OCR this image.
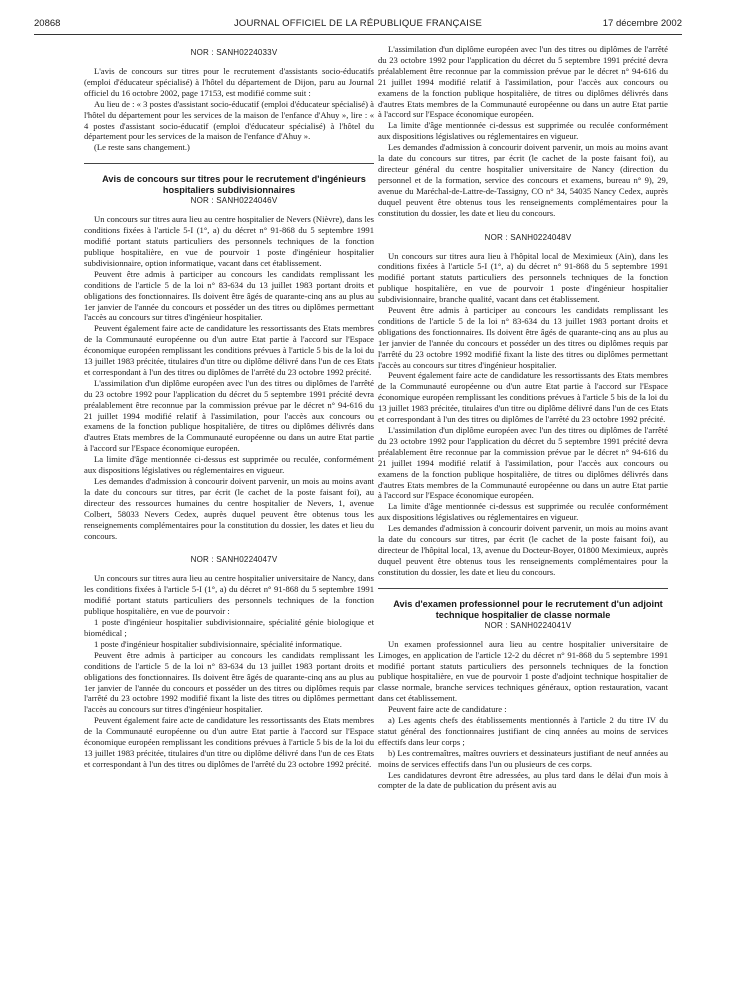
20868	JOURNAL OFFICIEL DE LA RÉPUBLIQUE FRANÇAISE	17 décembre 2002

NOR : SANH0224033V

L'avis de concours sur titres pour le recrutement d'assistants socio-éducatifs (emploi d'éducateur spécialisé) à l'hôtel du département de Dijon, paru au Journal officiel du 16 octobre 2002, page 17153, est modifié comme suit :

Au lieu de : « 3 postes d'assistant socio-éducatif (emploi d'éducateur spécialisé) à l'hôtel du département pour les services de la maison de l'enfance d'Ahuy », lire : « 4 postes d'assistant socio-éducatif (emploi d'éducateur spécialisé) à l'hôtel du département pour les services de la maison de l'enfance d'Ahuy ».

(Le reste sans changement.)

Avis de concours sur titres pour le recrutement d'ingénieurs hospitaliers subdivisionnaires

NOR : SANH0224046V

Un concours sur titres aura lieu au centre hospitalier de Nevers (Nièvre), dans les conditions fixées à l'article 5-I (1°, a) du décret n° 91-868 du 5 septembre 1991 modifié portant statuts particuliers des personnels techniques de la fonction publique hospitalière, en vue de pourvoir 1 poste d'ingénieur hospitalier subdivisionnaire, option informatique, vacant dans cet établissement.

Peuvent être admis à participer au concours les candidats remplissant les conditions de l'article 5 de la loi n° 83-634 du 13 juillet 1983 portant droits et obligations des fonctionnaires. Ils doivent être âgés de quarante-cinq ans au plus au 1er janvier de l'année du concours et posséder un des titres ou diplômes permettant l'accès au concours sur titres d'ingénieur hospitalier.

Peuvent également faire acte de candidature les ressortissants des Etats membres de la Communauté européenne ou d'un autre Etat partie à l'accord sur l'Espace économique européen remplissant les conditions prévues à l'article 5 bis de la loi du 13 juillet 1983 précitée, titulaires d'un titre ou diplôme délivré dans l'un de ces Etats et correspondant à l'un des titres ou diplômes de l'arrêté du 23 octobre 1992 précité.

L'assimilation d'un diplôme européen avec l'un des titres ou diplômes de l'arrêté du 23 octobre 1992 pour l'application du décret du 5 septembre 1991 précité devra préalablement être reconnue par la commission prévue par le décret n° 94-616 du 21 juillet 1994 modifié relatif à l'assimilation, pour l'accès aux concours ou examens de la fonction publique hospitalière, de titres ou diplômes délivrés dans d'autres Etats membres de la Communauté européenne ou dans un autre Etat partie à l'accord sur l'Espace économique européen.

La limite d'âge mentionnée ci-dessus est supprimée ou reculée, conformément aux dispositions législatives ou réglementaires en vigueur.

Les demandes d'admission à concourir doivent parvenir, un mois au moins avant la date du concours sur titres, par écrit (le cachet de la poste faisant foi), au directeur des ressources humaines du centre hospitalier de Nevers, 1, avenue Colbert, 58033 Nevers Cedex, auprès duquel peuvent être obtenus tous les renseignements complémentaires pour la constitution du dossier, les dates et lieu du concours.

NOR : SANH0224047V

Un concours sur titres aura lieu au centre hospitalier universitaire de Nancy, dans les conditions fixées à l'article 5-I (1°, a) du décret n° 91-868 du 5 septembre 1991 modifié portant statuts particuliers des personnels techniques de la fonction publique hospitalière, en vue de pourvoir :

1 poste d'ingénieur hospitalier subdivisionnaire, spécialité génie biologique et biomédical ;

1 poste d'ingénieur hospitalier subdivisionnaire, spécialité informatique.

Peuvent être admis à participer au concours les candidats remplissant les conditions de l'article 5 de la loi n° 83-634 du 13 juillet 1983 portant droits et obligations des fonctionnaires. Ils doivent être âgés de quarante-cinq ans au plus au 1er janvier de l'année du concours et posséder un des titres ou diplômes requis par l'arrêté du 23 octobre 1992 modifié fixant la liste des titres ou diplômes permettant l'accès au concours sur titres d'ingénieur hospitalier.

Peuvent également faire acte de candidature les ressortissants des Etats membres de la Communauté européenne ou d'un autre Etat partie à l'accord sur l'Espace économique européen remplissant les conditions prévues à l'article 5 bis de la loi du 13 juillet 1983 précitée, titulaires d'un titre ou diplôme délivré dans l'un de ces Etats et correspondant à l'un des titres ou diplômes de l'arrêté du 23 octobre 1992 précité.

L'assimilation d'un diplôme européen avec l'un des titres ou diplômes de l'arrêté du 23 octobre 1992 pour l'application du décret du 5 septembre 1991 précité devra préalablement être reconnue par la commission prévue par le décret n° 94-616 du 21 juillet 1994 modifié relatif à l'assimilation, pour l'accès aux concours ou examens de la fonction publique hospitalière, de titres ou diplômes délivrés dans d'autres Etats membres de la Communauté européenne ou dans un autre Etat partie à l'accord sur l'Espace économique européen.

La limite d'âge mentionnée ci-dessus est supprimée ou reculée conformément aux dispositions législatives ou réglementaires en vigueur.

Les demandes d'admission à concourir doivent parvenir, un mois au moins avant la date du concours sur titres, par écrit (le cachet de la poste faisant foi), au directeur général du centre hospitalier universitaire de Nancy (direction du personnel et de la formation, service des concours et examens, bureau n° 9), 29, avenue du Maréchal-de-Lattre-de-Tassigny, CO n° 34, 54035 Nancy Cedex, auprès duquel peuvent être obtenus tous les renseignements complémentaires pour la constitution du dossier, les date et lieu du concours.

NOR : SANH0224048V

Un concours sur titres aura lieu à l'hôpital local de Meximieux (Ain), dans les conditions fixées à l'article 5-I (1°, a) du décret n° 91-868 du 5 septembre 1991 modifié portant statuts particuliers des personnels techniques de la fonction publique hospitalière, en vue de pourvoir 1 poste d'ingénieur hospitalier subdivisionnaire, branche qualité, vacant dans cet établissement.

Peuvent être admis à participer au concours les candidats remplissant les conditions de l'article 5 de la loi n° 83-634 du 13 juillet 1983 portant droits et obligations des fonctionnaires. Ils doivent être âgés de quarante-cinq ans au plus au 1er janvier de l'année du concours et posséder un des titres ou diplômes requis par l'arrêté du 23 octobre 1992 modifié fixant la liste des titres ou diplômes permettant l'accès au concours sur titres d'ingénieur hospitalier.

Peuvent également faire acte de candidature les ressortissants des Etats membres de la Communauté européenne ou d'un autre Etat partie à l'accord sur l'Espace économique européen remplissant les conditions prévues à l'article 5 bis de la loi du 13 juillet 1983 précitée, titulaires d'un titre ou diplôme délivré dans l'un de ces Etats et correspondant à l'un des titres ou diplômes de l'arrêté du 23 octobre 1992 précité.

L'assimilation d'un diplôme européen avec l'un des titres ou diplômes de l'arrêté du 23 octobre 1992 pour l'application du décret du 5 septembre 1991 précité devra préalablement être reconnue par la commission prévue par le décret n° 94-616 du 21 juillet 1994 modifié relatif à l'assimilation, pour l'accès aux concours ou examens de la fonction publique hospitalière, de titres ou diplômes délivrés dans d'autres Etats membres de la Communauté européenne ou dans un autre Etat partie à l'accord sur l'Espace économique européen.

La limite d'âge mentionnée ci-dessus est supprimée ou reculée conformément aux dispositions législatives ou réglementaires en vigueur.

Les demandes d'admission à concourir doivent parvenir, un mois au moins avant la date du concours sur titres, par écrit (le cachet de la poste faisant foi), au directeur de l'hôpital local, 13, avenue du Docteur-Boyer, 01800 Meximieux, auprès duquel peuvent être obtenus tous les renseignements complémentaires pour la constitution du dossier, les date et lieu du concours.

Avis d'examen professionnel pour le recrutement d'un adjoint technique hospitalier de classe normale

NOR : SANH0224041V

Un examen professionnel aura lieu au centre hospitalier universitaire de Limoges, en application de l'article 12-2 du décret n° 91-868 du 5 septembre 1991 modifié portant statuts particuliers des personnels techniques de la fonction publique hospitalière, en vue de pourvoir 1 poste d'adjoint technique hospitalier de classe normale, branche services techniques généraux, option restauration, vacant dans cet établissement.

Peuvent faire acte de candidature :

a) Les agents chefs des établissements mentionnés à l'article 2 du titre IV du statut général des fonctionnaires justifiant de cinq années au moins de services effectifs dans leur corps ;

b) Les contremaîtres, maîtres ouvriers et dessinateurs justifiant de neuf années au moins de services effectifs dans l'un ou plusieurs de ces corps.

Les candidatures devront être adressées, au plus tard dans le délai d'un mois à compter de la date de publication du présent avis au
